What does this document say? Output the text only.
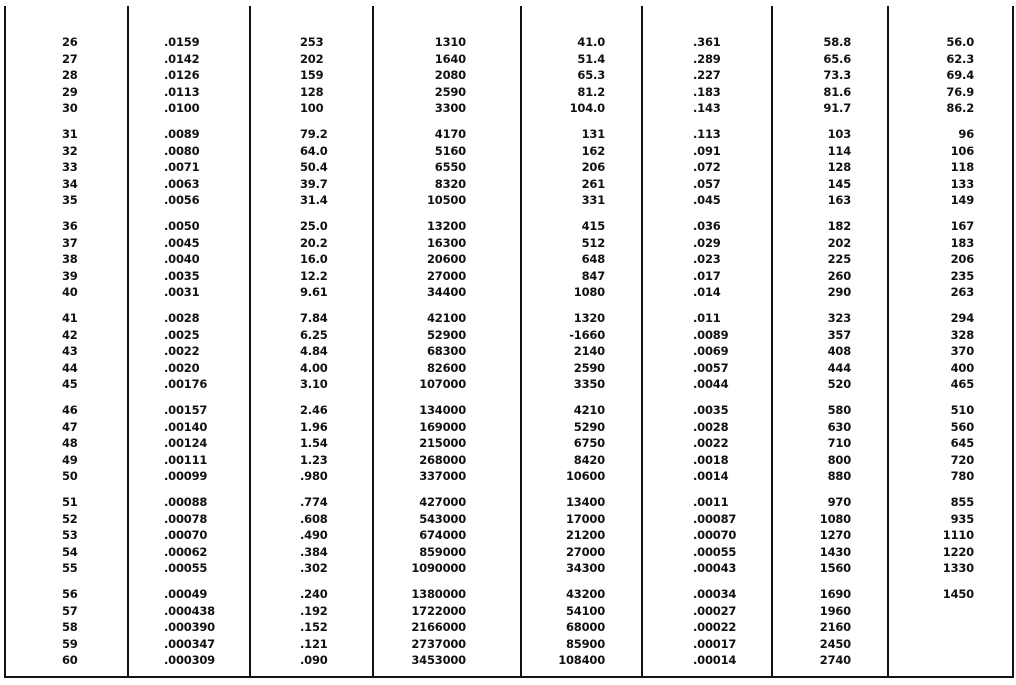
26	.0159	253	1310	41.0	.361	58.8	56.0
27	.0142	202	1640	51.4	.289	65.6	62.3
28	.0126	159	2080	65.3	.227	73.3	69.4
29	.0113	128	2590	81.2	.183	81.6	76.9
30	.0100	100	3300	104.0	.143	91.7	86.2
31	.0089	79.2	4170	131	.113	103	96
32	.0080	64.0	5160	162	.091	114	106
33	.0071	50.4	6550	206	.072	128	118
34	.0063	39.7	8320	261	.057	145	133
35	.0056	31.4	10500	331	.045	163	149
36	.0050	25.0	13200	415	.036	182	167
37	.0045	20.2	16300	512	.029	202	183
38	.0040	16.0	20600	648	.023	225	206
39	.0035	12.2	27000	847	.017	260	235
40	.0031	9.61	34400	1080	.014	290	263
41	.0028	7.84	42100	1320	.011	323	294
42	.0025	6.25	52900	-1660	.0089	357	328
43	.0022	4.84	68300	2140	.0069	408	370
44	.0020	4.00	82600	2590	.0057	444	400
45	.00176	3.10	107000	3350	.0044	520	465
46	.00157	2.46	134000	4210	.0035	580	510
47	.00140	1.96	169000	5290	.0028	630	560
48	.00124	1.54	215000	6750	.0022	710	645
49	.00111	1.23	268000	8420	.0018	800	720
50	.00099	.980	337000	10600	.0014	880	780
51	.00088	.774	427000	13400	.0011	970	855
52	.00078	.608	543000	17000	.00087	1080	935
53	.00070	.490	674000	21200	.00070	1270	1110
54	.00062	.384	859000	27000	.00055	1430	1220
55	.00055	.302	1090000	34300	.00043	1560	1330
56	.00049	.240	1380000	43200	.00034	1690	1450
57	.000438	.192	1722000	54100	.00027	1960
58	.000390	.152	2166000	68000	.00022	2160
59	.000347	.121	2737000	85900	.00017	2450
60	.000309	.090	3453000	108400	.00014	2740
